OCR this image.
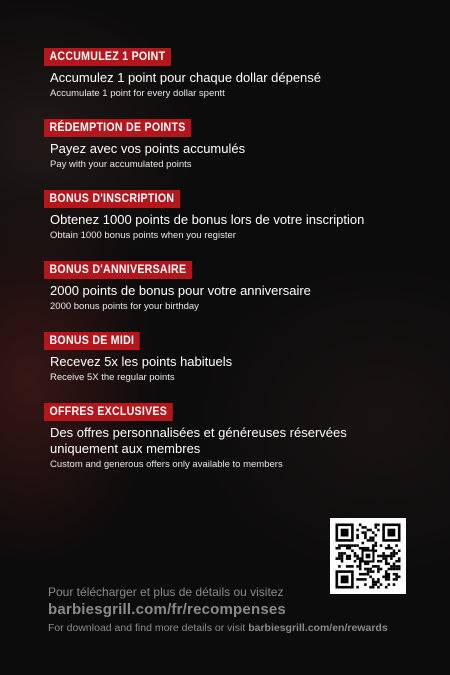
ACCUMULEZ 1 POINT
Accumulez 1 point pour chaque dollar dépensé
Accumulate 1 point for every dollar spentt
RÉDEMPTION DE POINTS
Payez avec vos points accumulés
Pay with your accumulated points
BONUS D'INSCRIPTION
Obtenez 1000 points de bonus lors de votre inscription
Obtain 1000 bonus points when you register
BONUS D'ANNIVERSAIRE
2000 points de bonus pour votre anniversaire
2000 bonus points for your birthday
BONUS DE MIDI
Recevez 5x les points habituels
Receive 5X the regular points
OFFRES EXCLUSIVES
Des offres personnalisées et généreuses réservées uniquement aux membres
Custom and generous offers only available to members
Pour télécharger et plus de détails ou visitez
barbiesgrill.com/fr/recompenses
For download and find more details or visit barbiesgrill.com/en/rewards
